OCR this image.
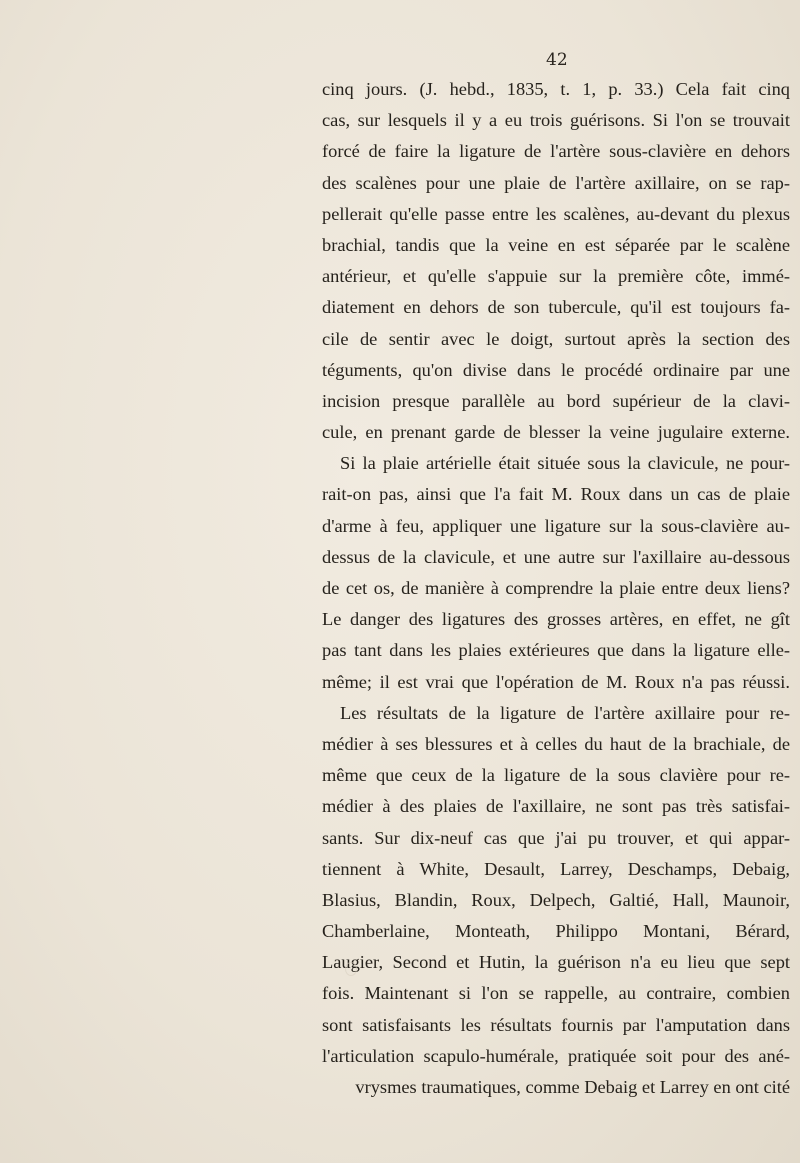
42
cinq jours. (J. hebd., 1835, t. 1, p. 33.) Cela fait cinq
cas, sur lesquels il y a eu trois guérisons. Si l'on se trouvait
forcé de faire la ligature de l'artère sous-clavière en dehors
des scalènes pour une plaie de l'artère axillaire, on se rap-
pellerait qu'elle passe entre les scalènes, au-devant du plexus
brachial, tandis que la veine en est séparée par le scalène
antérieur, et qu'elle s'appuie sur la première côte, immé-
diatement en dehors de son tubercule, qu'il est toujours fa-
cile de sentir avec le doigt, surtout après la section des
téguments, qu'on divise dans le procédé ordinaire par une
incision presque parallèle au bord supérieur de la clavi-
cule, en prenant garde de blesser la veine jugulaire externe.
Si la plaie artérielle était située sous la clavicule, ne pour-
rait-on pas, ainsi que l'a fait M. Roux dans un cas de plaie
d'arme à feu, appliquer une ligature sur la sous-clavière au-
dessus de la clavicule, et une autre sur l'axillaire au-dessous
de cet os, de manière à comprendre la plaie entre deux liens?
Le danger des ligatures des grosses artères, en effet, ne gît
pas tant dans les plaies extérieures que dans la ligature elle-
même; il est vrai que l'opération de M. Roux n'a pas réussi.
Les résultats de la ligature de l'artère axillaire pour re-
médier à ses blessures et à celles du haut de la brachiale, de
même que ceux de la ligature de la sous clavière pour re-
médier à des plaies de l'axillaire, ne sont pas très satisfai-
sants. Sur dix-neuf cas que j'ai pu trouver, et qui appar-
tiennent à White, Desault, Larrey, Deschamps, Debaig,
Blasius, Blandin, Roux, Delpech, Galtié, Hall, Maunoir,
Chamberlaine, Monteath, Philippo Montani, Bérard,
Laugier, Second et Hutin, la guérison n'a eu lieu que sept
fois. Maintenant si l'on se rappelle, au contraire, combien
sont satisfaisants les résultats fournis par l'amputation dans
l'articulation scapulo-humérale, pratiquée soit pour des ané-
vrysmes traumatiques, comme Debaig et Larrey en ont cité
